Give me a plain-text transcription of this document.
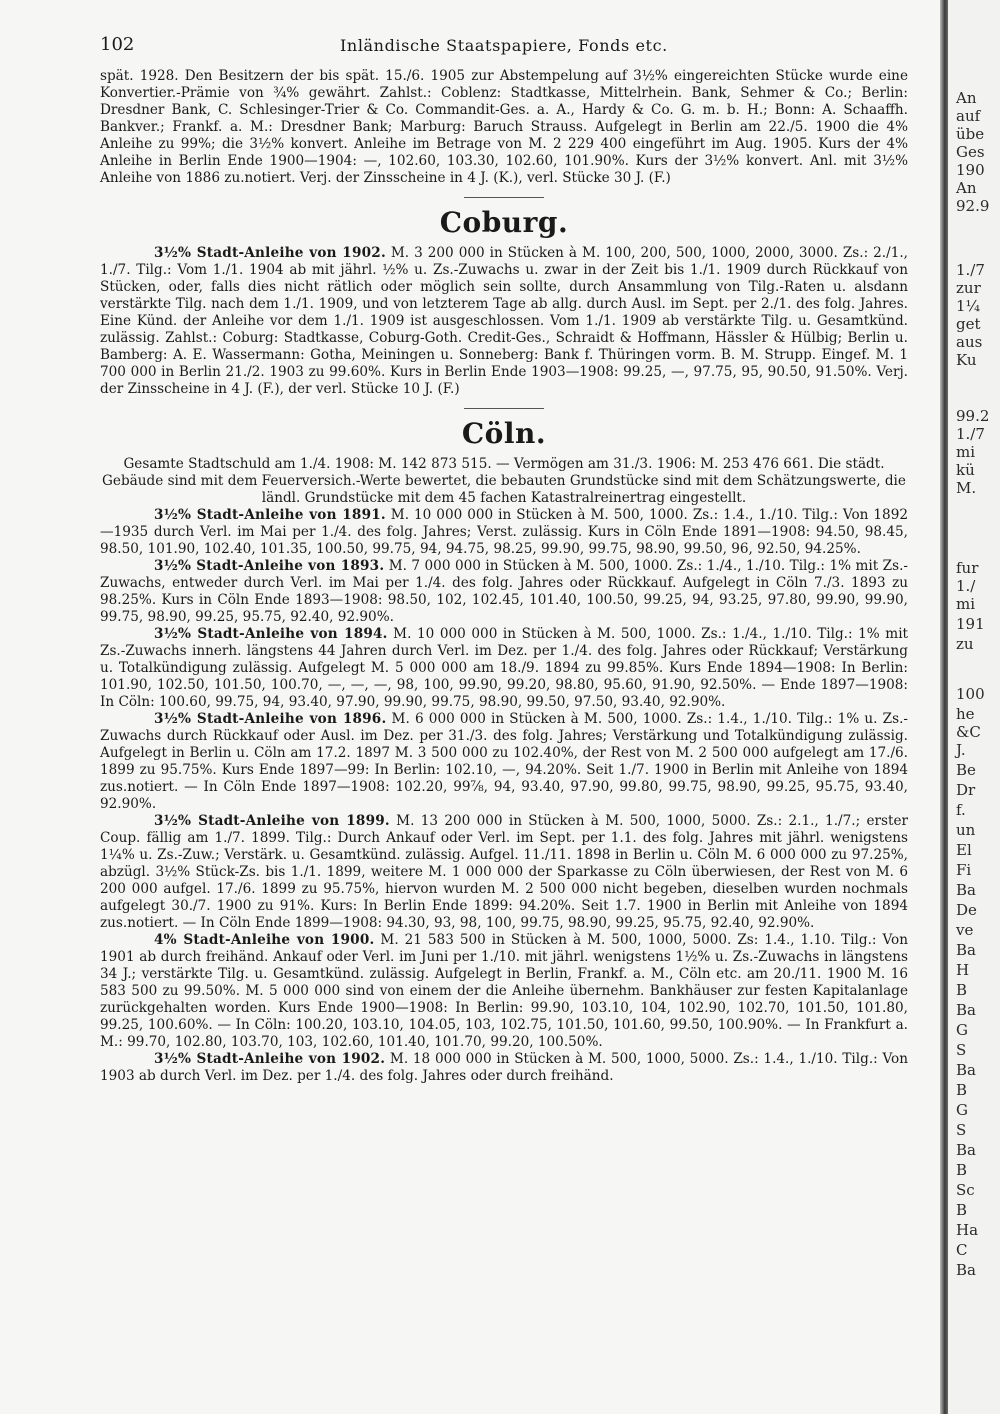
102	Inländische Staatspapiere, Fonds etc.

spät. 1928. Den Besitzern der bis spät. 15./6. 1905 zur Abstempelung auf 3½% eingereichten Stücke wurde eine Konvertier.-Prämie von ¾% gewährt. Zahlst.: Coblenz: Stadtkasse, Mittelrhein. Bank, Sehmer & Co.; Berlin: Dresdner Bank, C. Schlesinger-Trier & Co. Commandit-Ges. a. A., Hardy & Co. G. m. b. H.; Bonn: A. Schaaffh. Bankver.; Frankf. a. M.: Dresdner Bank; Marburg: Baruch Strauss. Aufgelegt in Berlin am 22./5. 1900 die 4% Anleihe zu 99%; die 3½% konvert. Anleihe im Betrage von M. 2 229 400 eingeführt im Aug. 1905. Kurs der 4% Anleihe in Berlin Ende 1900—1904: —, 102.60, 103.30, 102.60, 101.90%. Kurs der 3½% konvert. Anl. mit 3½% Anleihe von 1886 zu.notiert. Verj. der Zinsscheine in 4 J. (K.), verl. Stücke 30 J. (F.)

Coburg.

3½% Stadt-Anleihe von 1902. M. 3 200 000 in Stücken à M. 100, 200, 500, 1000, 2000, 3000. Zs.: 2./1., 1./7. Tilg.: Vom 1./1. 1904 ab mit jährl. ½% u. Zs.-Zuwachs u. zwar in der Zeit bis 1./1. 1909 durch Rückkauf von Stücken, oder, falls dies nicht rätlich oder möglich sein sollte, durch Ansammlung von Tilg.-Raten u. alsdann verstärkte Tilg. nach dem 1./1. 1909, und von letzterem Tage ab allg. durch Ausl. im Sept. per 2./1. des folg. Jahres. Eine Künd. der Anleihe vor dem 1./1. 1909 ist ausgeschlossen. Vom 1./1. 1909 ab verstärkte Tilg. u. Gesamtkünd. zulässig. Zahlst.: Coburg: Stadtkasse, Coburg-Goth. Credit-Ges., Schraidt & Hoffmann, Hässler & Hülbig; Berlin u. Bamberg: A. E. Wassermann: Gotha, Meiningen u. Sonneberg: Bank f. Thüringen vorm. B. M. Strupp. Eingef. M. 1 700 000 in Berlin 21./2. 1903 zu 99.60%. Kurs in Berlin Ende 1903—1908: 99.25, —, 97.75, 95, 90.50, 91.50%. Verj. der Zinsscheine in 4 J. (F.), der verl. Stücke 10 J. (F.)

Cöln.

Gesamte Stadtschuld am 1./4. 1908: M. 142 873 515. — Vermögen am 31./3. 1906: M. 253 476 661. Die städt. Gebäude sind mit dem Feuerversich.-Werte bewertet, die bebauten Grundstücke sind mit dem Schätzungswerte, die ländl. Grundstücke mit dem 45 fachen Katastralreinertrag eingestellt.

3½% Stadt-Anleihe von 1891. M. 10 000 000 in Stücken à M. 500, 1000. Zs.: 1.4., 1./10. Tilg.: Von 1892—1935 durch Verl. im Mai per 1./4. des folg. Jahres; Verst. zulässig. Kurs in Cöln Ende 1891—1908: 94.50, 98.45, 98.50, 101.90, 102.40, 101.35, 100.50, 99.75, 94, 94.75, 98.25, 99.90, 99.75, 98.90, 99.50, 96, 92.50, 94.25%.

3½% Stadt-Anleihe von 1893. M. 7 000 000 in Stücken à M. 500, 1000. Zs.: 1./4., 1./10. Tilg.: 1% mit Zs.-Zuwachs, entweder durch Verl. im Mai per 1./4. des folg. Jahres oder Rückkauf. Aufgelegt in Cöln 7./3. 1893 zu 98.25%. Kurs in Cöln Ende 1893—1908: 98.50, 102, 102.45, 101.40, 100.50, 99.25, 94, 93.25, 97.80, 99.90, 99.90, 99.75, 98.90, 99.25, 95.75, 92.40, 92.90%.

3½% Stadt-Anleihe von 1894. M. 10 000 000 in Stücken à M. 500, 1000. Zs.: 1./4., 1./10. Tilg.: 1% mit Zs.-Zuwachs innerh. längstens 44 Jahren durch Verl. im Dez. per 1./4. des folg. Jahres oder Rückkauf; Verstärkung u. Totalkündigung zulässig. Aufgelegt M. 5 000 000 am 18./9. 1894 zu 99.85%. Kurs Ende 1894—1908: In Berlin: 101.90, 102.50, 101.50, 100.70, —, —, —, 98, 100, 99.90, 99.20, 98.80, 95.60, 91.90, 92.50%. — Ende 1897—1908: In Cöln: 100.60, 99.75, 94, 93.40, 97.90, 99.90, 99.75, 98.90, 99.50, 97.50, 93.40, 92.90%.

3½% Stadt-Anleihe von 1896. M. 6 000 000 in Stücken à M. 500, 1000. Zs.: 1.4., 1./10. Tilg.: 1% u. Zs.-Zuwachs durch Rückkauf oder Ausl. im Dez. per 31./3. des folg. Jahres; Verstärkung und Totalkündigung zulässig. Aufgelegt in Berlin u. Cöln am 17.2. 1897 M. 3 500 000 zu 102.40%, der Rest von M. 2 500 000 aufgelegt am 17./6. 1899 zu 95.75%. Kurs Ende 1897—99: In Berlin: 102.10, —, 94.20%. Seit 1./7. 1900 in Berlin mit Anleihe von 1894 zus.notiert. — In Cöln Ende 1897—1908: 102.20, 99⅞, 94, 93.40, 97.90, 99.80, 99.75, 98.90, 99.25, 95.75, 93.40, 92.90%.

3½% Stadt-Anleihe von 1899. M. 13 200 000 in Stücken à M. 500, 1000, 5000. Zs.: 2.1., 1./7.; erster Coup. fällig am 1./7. 1899. Tilg.: Durch Ankauf oder Verl. im Sept. per 1.1. des folg. Jahres mit jährl. wenigstens 1¼% u. Zs.-Zuw.; Verstärk. u. Gesamtkünd. zulässig. Aufgel. 11./11. 1898 in Berlin u. Cöln M. 6 000 000 zu 97.25%, abzügl. 3½% Stück-Zs. bis 1./1. 1899, weitere M. 1 000 000 der Sparkasse zu Cöln überwiesen, der Rest von M. 6 200 000 aufgel. 17./6. 1899 zu 95.75%, hiervon wurden M. 2 500 000 nicht begeben, dieselben wurden nochmals aufgelegt 30./7. 1900 zu 91%. Kurs: In Berlin Ende 1899: 94.20%. Seit 1.7. 1900 in Berlin mit Anleihe von 1894 zus.notiert. — In Cöln Ende 1899—1908: 94.30, 93, 98, 100, 99.75, 98.90, 99.25, 95.75, 92.40, 92.90%.

4% Stadt-Anleihe von 1900. M. 21 583 500 in Stücken à M. 500, 1000, 5000. Zs: 1.4., 1.10. Tilg.: Von 1901 ab durch freihänd. Ankauf oder Verl. im Juni per 1./10. mit jährl. wenigstens 1½% u. Zs.-Zuwachs in längstens 34 J.; verstärkte Tilg. u. Gesamtkünd. zulässig. Aufgelegt in Berlin, Frankf. a. M., Cöln etc. am 20./11. 1900 M. 16 583 500 zu 99.50%. M. 5 000 000 sind von einem der die Anleihe übernehm. Bankhäuser zur festen Kapitalanlage zurückgehalten worden. Kurs Ende 1900—1908: In Berlin: 99.90, 103.10, 104, 102.90, 102.70, 101.50, 101.80, 99.25, 100.60%. — In Cöln: 100.20, 103.10, 104.05, 103, 102.75, 101.50, 101.60, 99.50, 100.90%. — In Frankfurt a. M.: 99.70, 102.80, 103.70, 103, 102.60, 101.40, 101.70, 99.20, 100.50%.

3½% Stadt-Anleihe von 1902. M. 18 000 000 in Stücken à M. 500, 1000, 5000. Zs.: 1.4., 1./10. Tilg.: Von 1903 ab durch Verl. im Dez. per 1./4. des folg. Jahres oder durch freihänd.

An
auf
übe
Ges
190
An
92.9
1./7
zur
1¼
get
aus
Ku
99.2
1./7
mi
kü
M.
fur
1./
mi
191
zu
100
he
&C
J.
Be
Dr
f.
un
El
Fi
Ba
De
ve
Ba
H
B
Ba
G
S
Ba
B
G
S
Ba
B
Sc
B
Ha
C
Ba
